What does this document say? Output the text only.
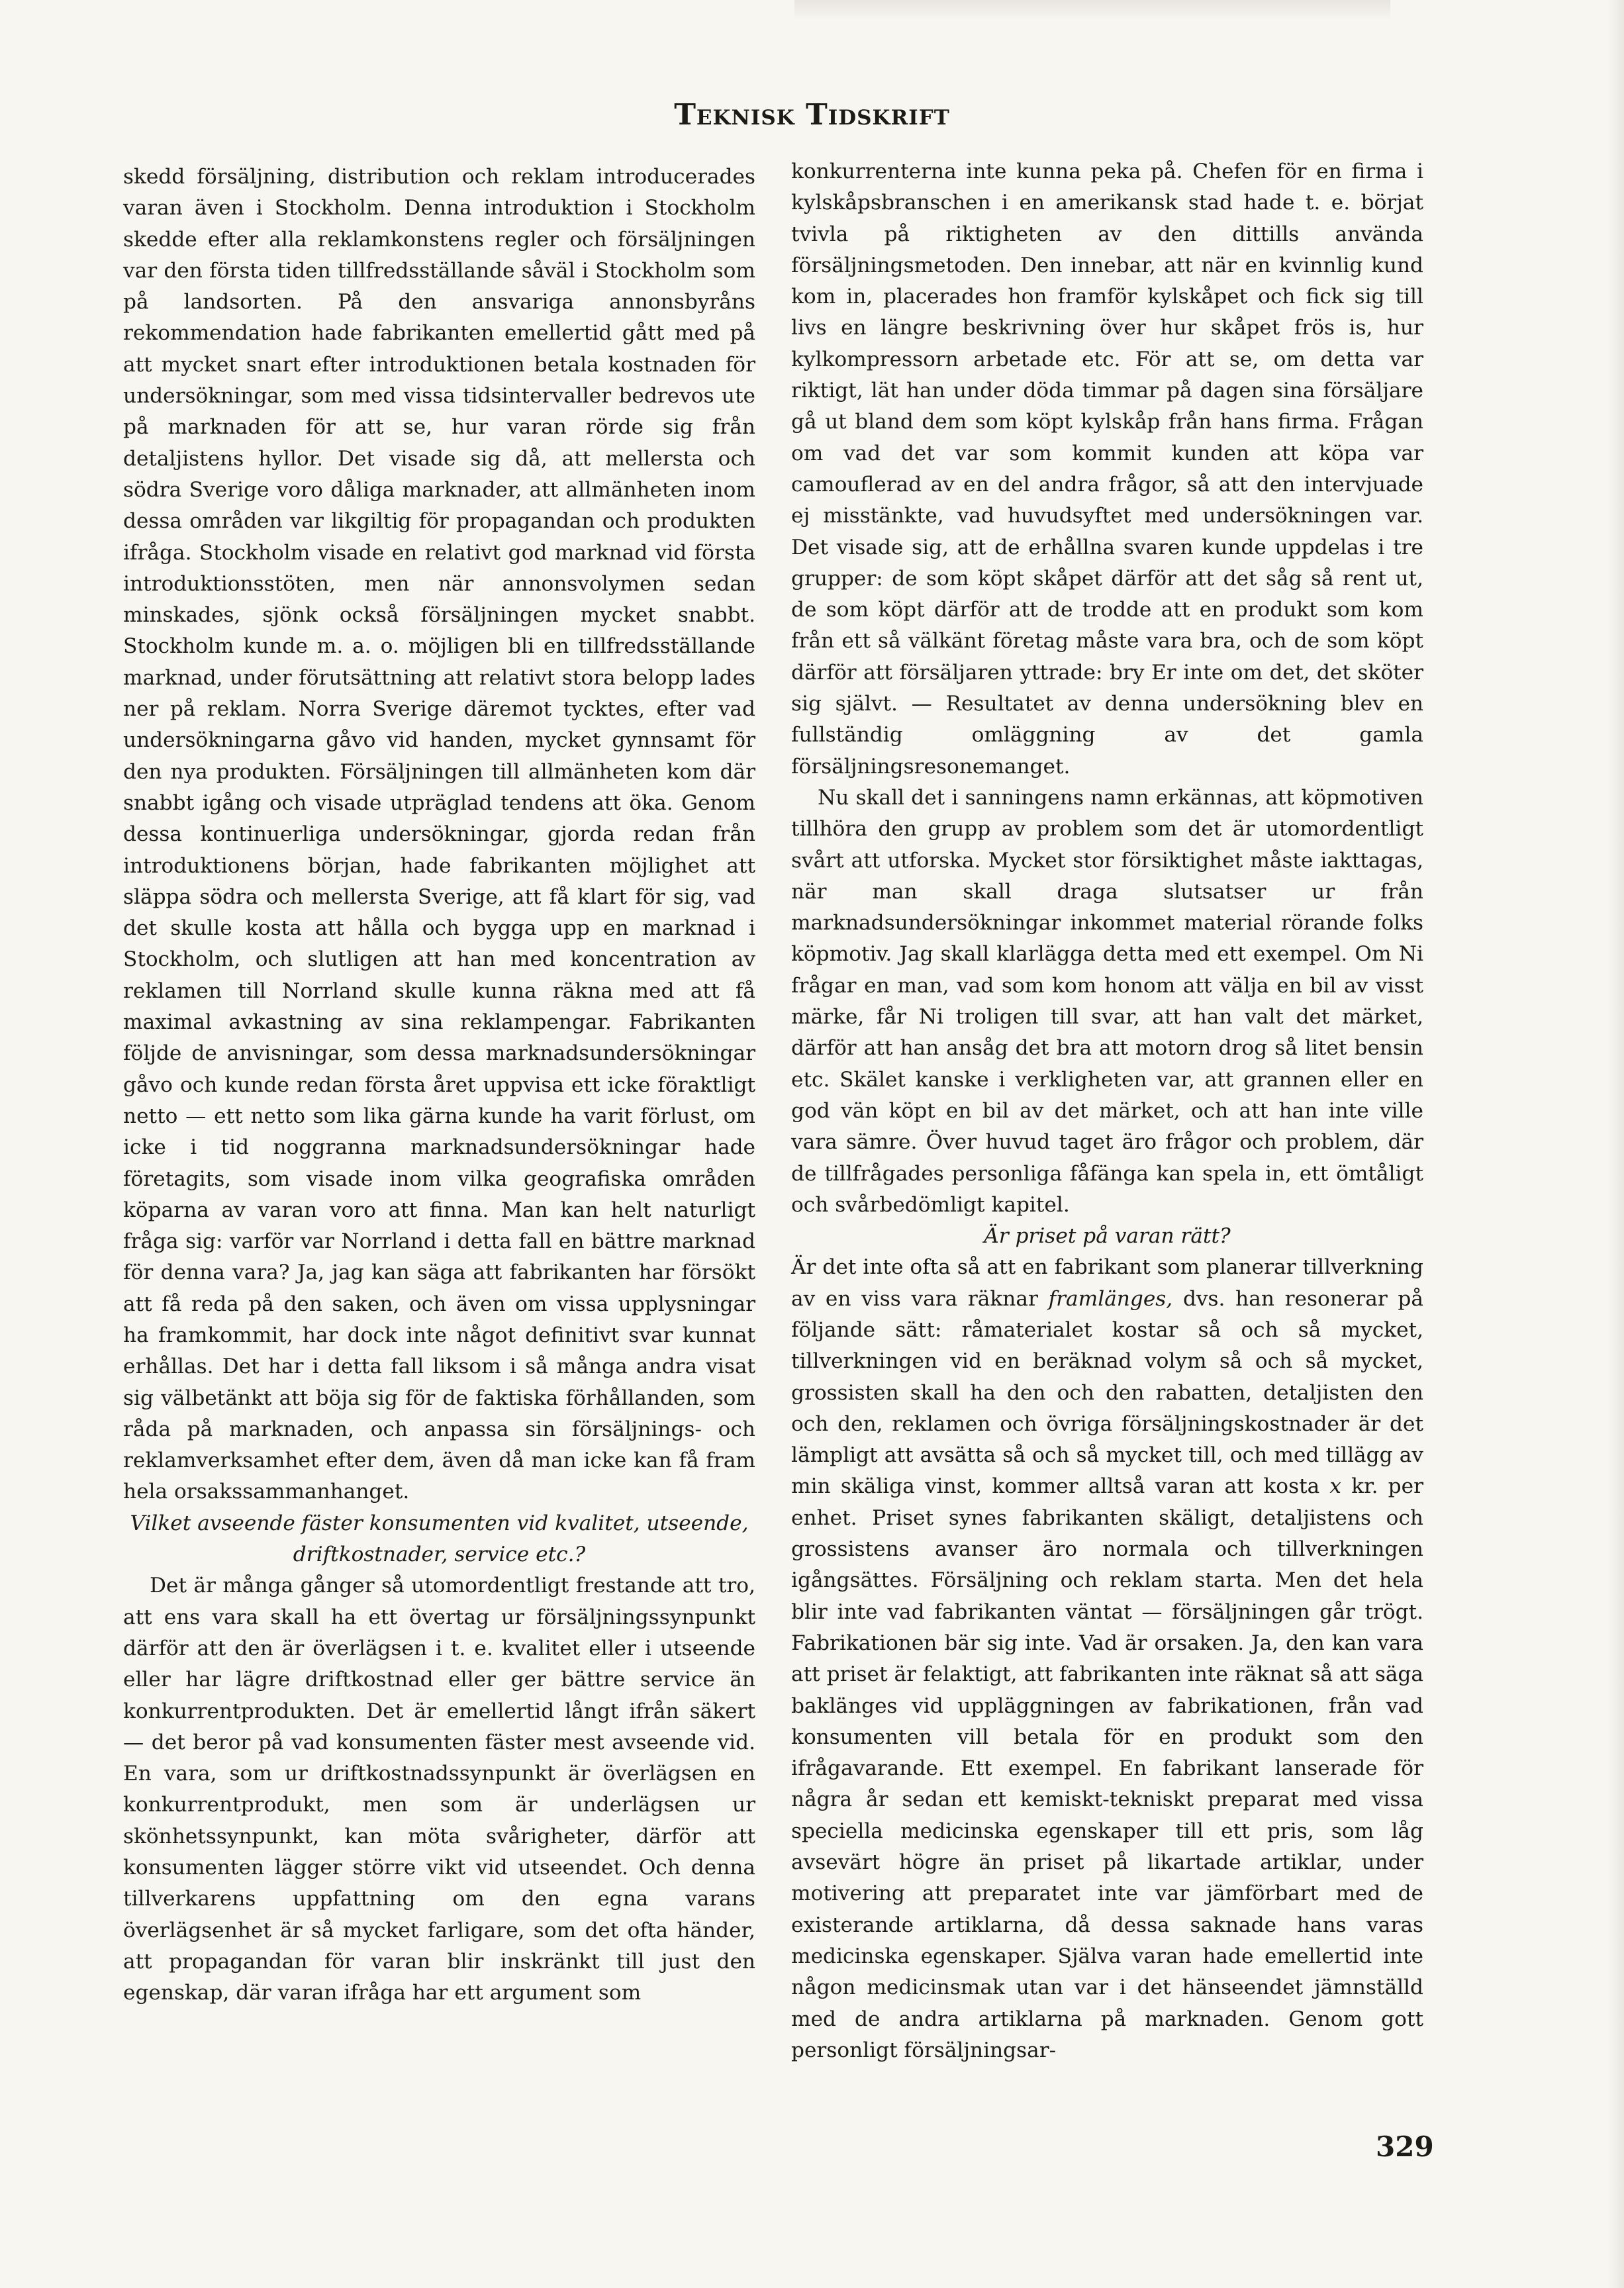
Teknisk Tidskrift

skedd försäljning, distribution och reklam introducerades varan även i Stockholm. Denna introduktion i Stockholm skedde efter alla reklamkonstens regler och försäljningen var den första tiden tillfredsställande såväl i Stockholm som på landsorten. På den ansvariga annonsbyråns rekommendation hade fabrikanten emellertid gått med på att mycket snart efter introduktionen betala kostnaden för undersökningar, som med vissa tidsintervaller bedrevos ute på marknaden för att se, hur varan rörde sig från detaljistens hyllor. Det visade sig då, att mellersta och södra Sverige voro dåliga marknader, att allmänheten inom dessa områden var likgiltig för propagandan och produkten ifråga. Stockholm visade en relativt god marknad vid första introduktionsstöten, men när annonsvolymen sedan minskades, sjönk också försäljningen mycket snabbt. Stockholm kunde m. a. o. möjligen bli en tillfredsställande marknad, under förutsättning att relativt stora belopp lades ner på reklam. Norra Sverige däremot tycktes, efter vad undersökningarna gåvo vid handen, mycket gynnsamt för den nya produkten. Försäljningen till allmänheten kom där snabbt igång och visade utpräglad tendens att öka. Genom dessa kontinuerliga undersökningar, gjorda redan från introduktionens början, hade fabrikanten möjlighet att släppa södra och mellersta Sverige, att få klart för sig, vad det skulle kosta att hålla och bygga upp en marknad i Stockholm, och slutligen att han med koncentration av reklamen till Norrland skulle kunna räkna med att få maximal avkastning av sina reklampengar. Fabrikanten följde de anvisningar, som dessa marknadsundersökningar gåvo och kunde redan första året uppvisa ett icke föraktligt netto — ett netto som lika gärna kunde ha varit förlust, om icke i tid noggranna marknadsundersökningar hade företagits, som visade inom vilka geografiska områden köparna av varan voro att finna. Man kan helt naturligt fråga sig: varför var Norrland i detta fall en bättre marknad för denna vara? Ja, jag kan säga att fabrikanten har försökt att få reda på den saken, och även om vissa upplysningar ha framkommit, har dock inte något definitivt svar kunnat erhållas. Det har i detta fall liksom i så många andra visat sig välbetänkt att böja sig för de faktiska förhållanden, som råda på marknaden, och anpassa sin försäljnings- och reklamverksamhet efter dem, även då man icke kan få fram hela orsakssammanhanget.

Vilket avseende fäster konsumenten vid kvalitet, utseende, driftkostnader, service etc.?

Det är många gånger så utomordentligt frestande att tro, att ens vara skall ha ett övertag ur försäljningssynpunkt därför att den är överlägsen i t. e. kvalitet eller i utseende eller har lägre driftkostnad eller ger bättre service än konkurrentprodukten. Det är emellertid långt ifrån säkert — det beror på vad konsumenten fäster mest avseende vid. En vara, som ur driftkostnadssynpunkt är överlägsen en konkurrentprodukt, men som är underlägsen ur skönhetssynpunkt, kan möta svårigheter, därför att konsumenten lägger större vikt vid utseendet. Och denna tillverkarens uppfattning om den egna varans överlägsenhet är så mycket farligare, som det ofta händer, att propagandan för varan blir inskränkt till just den egenskap, där varan ifråga har ett argument som

konkurrenterna inte kunna peka på. Chefen för en firma i kylskåpsbranschen i en amerikansk stad hade t. e. börjat tvivla på riktigheten av den dittills använda försäljningsmetoden. Den innebar, att när en kvinnlig kund kom in, placerades hon framför kylskåpet och fick sig till livs en längre beskrivning över hur skåpet frös is, hur kylkompressorn arbetade etc. För att se, om detta var riktigt, lät han under döda timmar på dagen sina försäljare gå ut bland dem som köpt kylskåp från hans firma. Frågan om vad det var som kommit kunden att köpa var camouflerad av en del andra frågor, så att den intervjuade ej misstänkte, vad huvudsyftet med undersökningen var. Det visade sig, att de erhållna svaren kunde uppdelas i tre grupper: de som köpt skåpet därför att det såg så rent ut, de som köpt därför att de trodde att en produkt som kom från ett så välkänt företag måste vara bra, och de som köpt därför att försäljaren yttrade: bry Er inte om det, det sköter sig självt. — Resultatet av denna undersökning blev en fullständig omläggning av det gamla försäljningsresonemanget.

Nu skall det i sanningens namn erkännas, att köpmotiven tillhöra den grupp av problem som det är utomordentligt svårt att utforska. Mycket stor försiktighet måste iakttagas, när man skall draga slutsatser ur från marknadsundersökningar inkommet material rörande folks köpmotiv. Jag skall klarlägga detta med ett exempel. Om Ni frågar en man, vad som kom honom att välja en bil av visst märke, får Ni troligen till svar, att han valt det märket, därför att han ansåg det bra att motorn drog så litet bensin etc. Skälet kanske i verkligheten var, att grannen eller en god vän köpt en bil av det märket, och att han inte ville vara sämre. Över huvud taget äro frågor och problem, där de tillfrågades personliga fåfänga kan spela in, ett ömtåligt och svårbedömligt kapitel.

Är priset på varan rätt?

Är det inte ofta så att en fabrikant som planerar tillverkning av en viss vara räknar framlänges, dvs. han resonerar på följande sätt: råmaterialet kostar så och så mycket, tillverkningen vid en beräknad volym så och så mycket, grossisten skall ha den och den rabatten, detaljisten den och den, reklamen och övriga försäljningskostnader är det lämpligt att avsätta så och så mycket till, och med tillägg av min skäliga vinst, kommer alltså varan att kosta x kr. per enhet. Priset synes fabrikanten skäligt, detaljistens och grossistens avanser äro normala och tillverkningen igångsättes. Försäljning och reklam starta. Men det hela blir inte vad fabrikanten väntat — försäljningen går trögt. Fabrikationen bär sig inte. Vad är orsaken. Ja, den kan vara att priset är felaktigt, att fabrikanten inte räknat så att säga baklänges vid uppläggningen av fabrikationen, från vad konsumenten vill betala för en produkt som den ifrågavarande. Ett exempel. En fabrikant lanserade för några år sedan ett kemiskt-tekniskt preparat med vissa speciella medicinska egenskaper till ett pris, som låg avsevärt högre än priset på likartade artiklar, under motivering att preparatet inte var jämförbart med de existerande artiklarna, då dessa saknade hans varas medicinska egenskaper. Själva varan hade emellertid inte någon medicinsmak utan var i det hänseendet jämnställd med de andra artiklarna på marknaden. Genom gott personligt försäljningsar-

329
